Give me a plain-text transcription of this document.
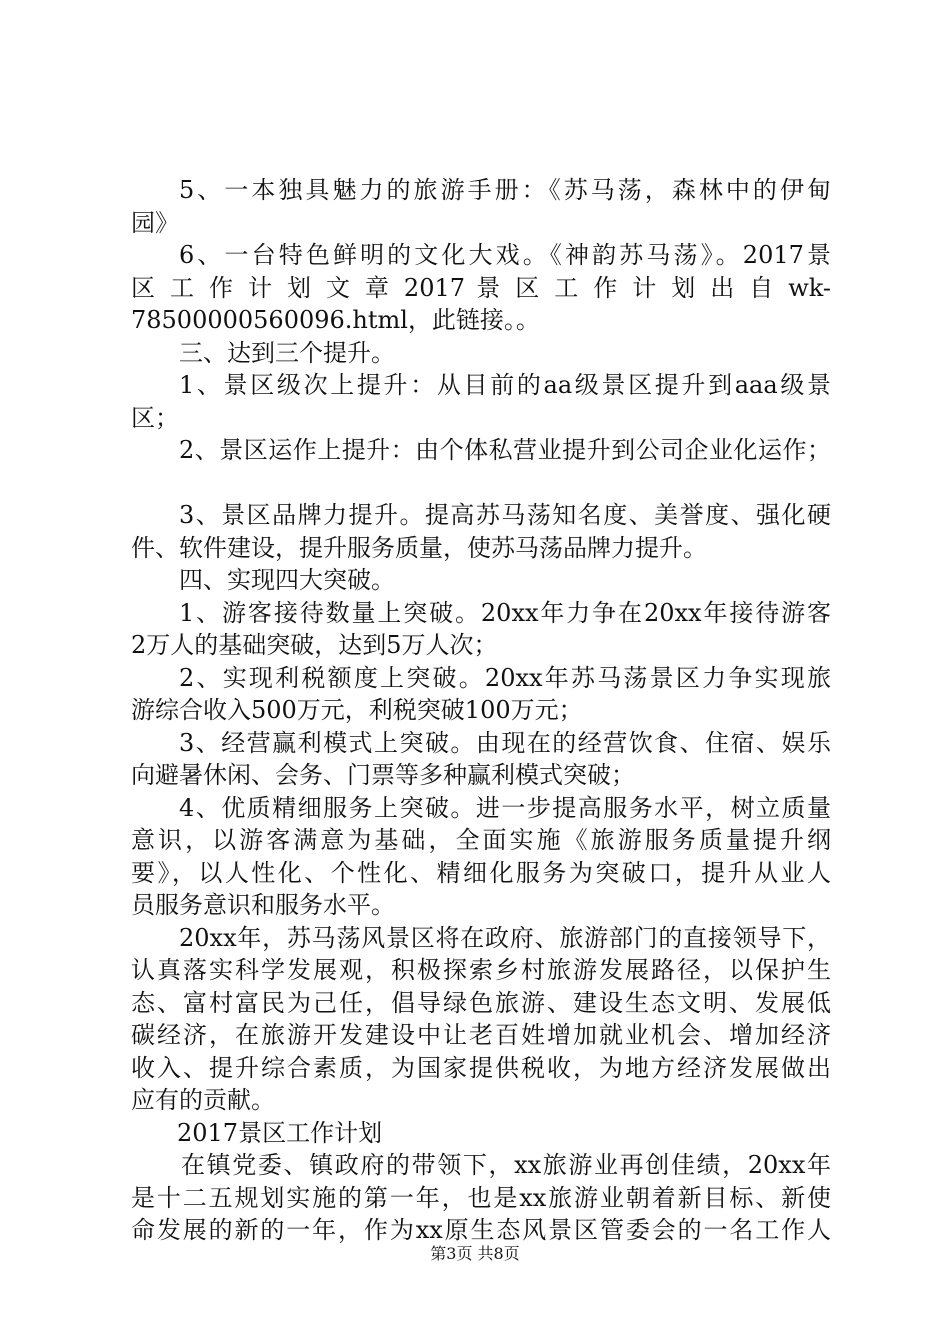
5、一本独具魅力的旅游手册：《苏马荡，森林中的伊甸
园》
6、一台特色鲜明的文化大戏。《神韵苏马荡》。2017景
区 工 作 计 划 文 章 2017 景 区 工 作 计 划 出 自 wk-
78500000560096.html，此链接。。
三、达到三个提升。
1、景区级次上提升：从目前的aa级景区提升到aaa级景
区；
2、景区运作上提升：由个体私营业提升到公司企业化运作；
3、景区品牌力提升。提高苏马荡知名度、美誉度、强化硬
件、软件建设，提升服务质量，使苏马荡品牌力提升。
四、实现四大突破。
1、游客接待数量上突破。20xx年力争在20xx年接待游客
2万人的基础突破，达到5万人次；
2、实现利税额度上突破。20xx年苏马荡景区力争实现旅
游综合收入500万元，利税突破100万元；
3、经营赢利模式上突破。由现在的经营饮食、住宿、娱乐
向避暑休闲、会务、门票等多种赢利模式突破；
4、优质精细服务上突破。进一步提高服务水平，树立质量
意识，以游客满意为基础，全面实施《旅游服务质量提升纲
要》，以人性化、个性化、精细化服务为突破口，提升从业人
员服务意识和服务水平。
20xx年，苏马荡风景区将在政府、旅游部门的直接领导下，
认真落实科学发展观，积极探索乡村旅游发展路径，以保护生
态、富村富民为己任，倡导绿色旅游、建设生态文明、发展低
碳经济，在旅游开发建设中让老百姓增加就业机会、增加经济
收入、提升综合素质，为国家提供税收，为地方经济发展做出
应有的贡献。
2017景区工作计划
在镇党委、镇政府的带领下，xx旅游业再创佳绩，20xx年
是十二五规划实施的第一年，也是xx旅游业朝着新目标、新使
命发展的新的一年，作为xx原生态风景区管委会的一名工作人
第3页 共8页
